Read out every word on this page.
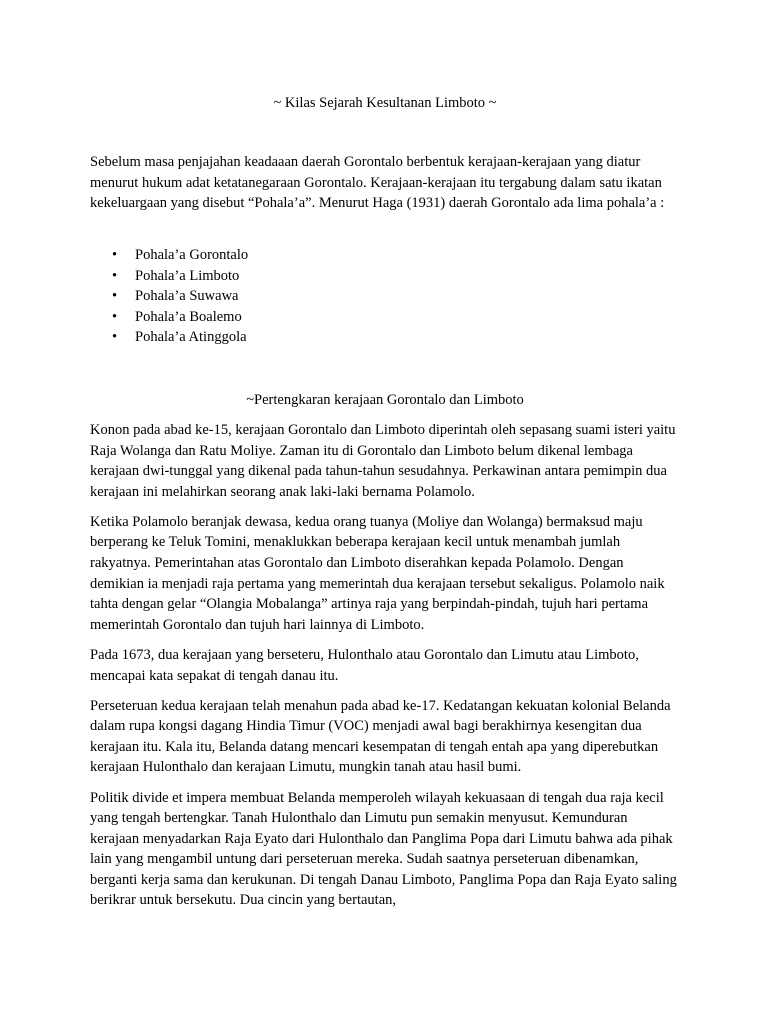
~ Kilas Sejarah Kesultanan Limboto ~

Sebelum masa penjajahan keadaaan daerah Gorontalo berbentuk kerajaan-kerajaan yang diatur menurut hukum adat ketatanegaraan Gorontalo. Kerajaan-kerajaan itu tergabung dalam satu ikatan kekeluargaan yang disebut “Pohala’a”. Menurut Haga (1931) daerah Gorontalo ada lima pohala’a :

• Pohala’a Gorontalo
• Pohala’a Limboto
• Pohala’a Suwawa
• Pohala’a Boalemo
• Pohala’a Atinggola
~Pertengkaran kerajaan Gorontalo dan Limboto

Konon pada abad ke-15, kerajaan Gorontalo dan Limboto diperintah oleh sepasang suami isteri yaitu Raja Wolanga dan Ratu Moliye. Zaman itu di Gorontalo dan Limboto belum dikenal lembaga kerajaan dwi-tunggal yang dikenal pada tahun-tahun sesudahnya. Perkawinan antara pemimpin dua kerajaan ini melahirkan seorang anak laki-laki bernama Polamolo.

Ketika Polamolo beranjak dewasa, kedua orang tuanya (Moliye dan Wolanga) bermaksud maju berperang ke Teluk Tomini, menaklukkan beberapa kerajaan kecil untuk menambah jumlah rakyatnya. Pemerintahan atas Gorontalo dan Limboto diserahkan kepada Polamolo. Dengan demikian ia menjadi raja pertama yang memerintah dua kerajaan tersebut sekaligus. Polamolo naik tahta dengan gelar “Olangia Mobalanga” artinya raja yang berpindah-pindah, tujuh hari pertama memerintah Gorontalo dan tujuh hari lainnya di Limboto.

Pada 1673, dua kerajaan yang berseteru, Hulonthalo atau Gorontalo dan Limutu atau Limboto, mencapai kata sepakat di tengah danau itu.

Perseteruan kedua kerajaan telah menahun pada abad ke-17. Kedatangan kekuatan kolonial Belanda dalam rupa kongsi dagang Hindia Timur (VOC) menjadi awal bagi berakhirnya kesengitan dua kerajaan itu. Kala itu, Belanda datang mencari kesempatan di tengah entah apa yang diperebutkan kerajaan Hulonthalo dan kerajaan Limutu, mungkin tanah atau hasil bumi.

Politik divide et impera membuat Belanda memperoleh wilayah kekuasaan di tengah dua raja kecil yang tengah bertengkar. Tanah Hulonthalo dan Limutu pun semakin menyusut. Kemunduran kerajaan menyadarkan Raja Eyato dari Hulonthalo dan Panglima Popa dari Limutu bahwa ada pihak lain yang mengambil untung dari perseteruan mereka. Sudah saatnya perseteruan dibenamkan, berganti kerja sama dan kerukunan. Di tengah Danau Limboto, Panglima Popa dan Raja Eyato saling berikrar untuk bersekutu. Dua cincin yang bertautan,
